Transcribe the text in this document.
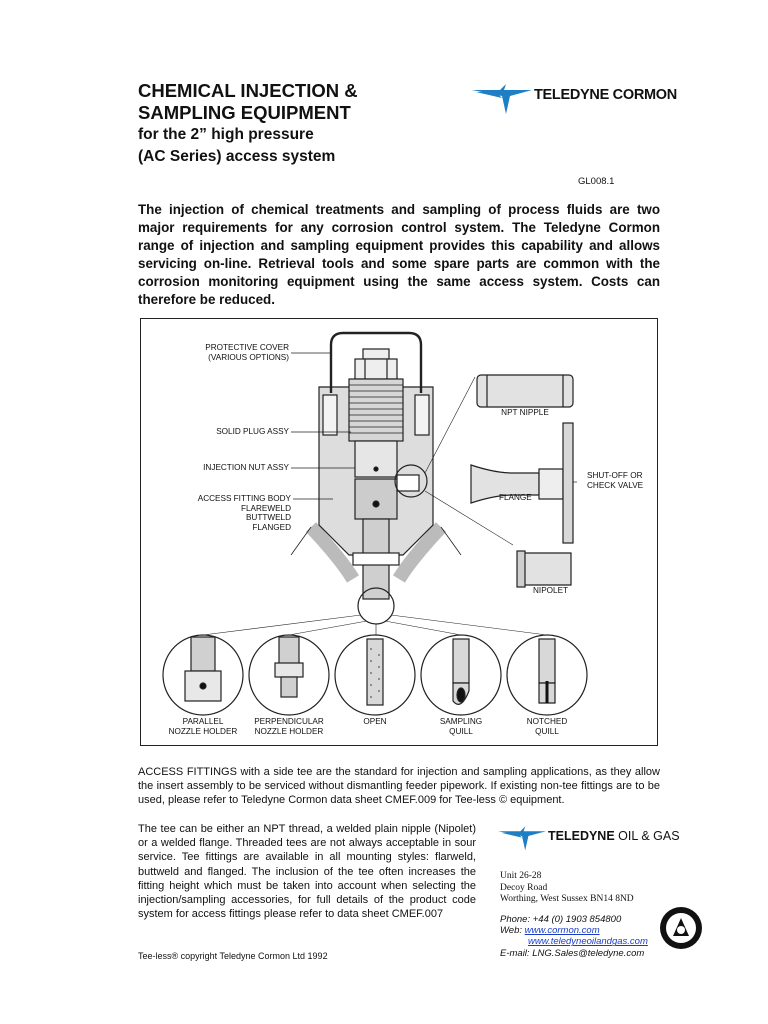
CHEMICAL INJECTION &
SAMPLING EQUIPMENT
for the 2” high pressure
(AC Series) access system
TELEDYNE CORMON
GL008.1
The injection of chemical treatments and sampling of process fluids are two major requirements for any corrosion control system. The Teledyne Cormon range of injection and sampling equipment provides this capability and allows servicing on-line. Retrieval tools and some spare parts are common with the corrosion monitoring equipment using the same access system. Costs can therefore be reduced.
PROTECTIVE COVER
(VARIOUS OPTIONS)
SOLID PLUG ASSY
INJECTION NUT ASSY
ACCESS FITTING BODY
FLAREWELD
BUTTWELD
FLANGED
NPT NIPPLE
FLANGE
SHUT-OFF OR
CHECK VALVE
NIPOLET
PARALLEL
NOZZLE HOLDER
PERPENDICULAR
NOZZLE HOLDER
OPEN	SAMPLING
QUILL
NOTCHED
QUILL
ACCESS FITTINGS with a side tee are the standard for injection and sampling applications, as they allow the insert assembly to be serviced without dismantling feeder pipework. If existing non-tee fittings are to be used, please refer to Teledyne Cormon data sheet CMEF.009 for Tee-less © equipment.
The tee can be either an NPT thread, a welded plain nipple (Nipolet) or a welded flange. Threaded tees are not always acceptable in sour service. Tee fittings are available in all mounting styles: flarweld, buttweld and flanged. The inclusion of the tee often increases the fitting height which must be taken into account when selecting the injection/sampling accessories, for full details of the product code system for access fittings please refer to data sheet CMEF.007
TELEDYNE OIL & GAS
Unit 26-28
Decoy Road
Worthing, West Sussex BN14 8ND
Phone: +44 (0) 1903 854800
Web: www.cormon.com
www.teledyneoilandgas.com
E-mail: LNG.Sales@teledyne.com
Tee-less® copyright Teledyne Cormon Ltd 1992
